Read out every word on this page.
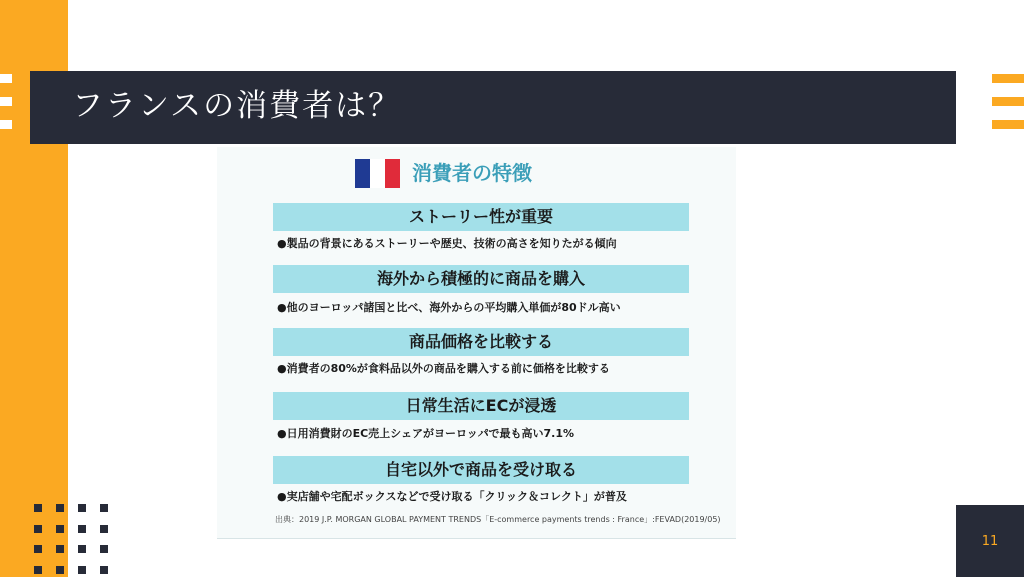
フランスの消費者は？
消費者の特徴
ストーリー性が重要
●製品の背景にあるストーリーや歴史、技術の高さを知りたがる傾向
海外から積極的に商品を購入
●他のヨーロッパ諸国と比べ、海外からの平均購入単価が80ドル高い
商品価格を比較する
●消費者の80%が食料品以外の商品を購入する前に価格を比較する
日常生活にECが浸透
●日用消費財のEC売上シェアがヨーロッパで最も高い7.1%
自宅以外で商品を受け取る
●実店舗や宅配ボックスなどで受け取る「クリック＆コレクト」が普及
出典：2019 J.P. MORGAN GLOBAL PAYMENT TRENDS「E-commerce payments trends : France」:FEVAD(2019/05)
11
